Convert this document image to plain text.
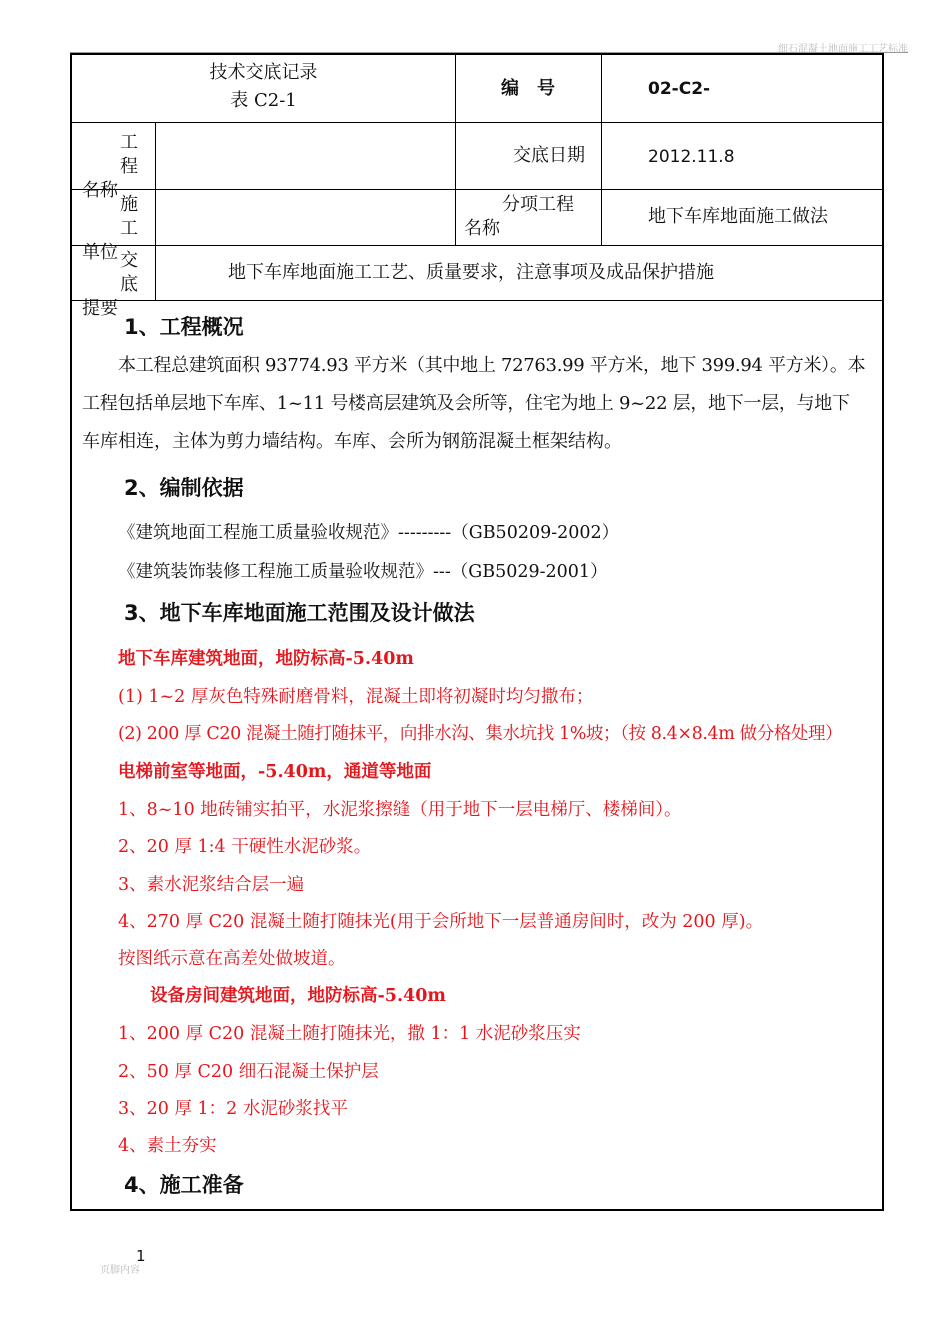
细石混凝土地面施工工艺标准
技术交底记录
表 C2-1
编　号	02-C2-
工程
名称
交底日期	2012.11.8
施工
单位
分项工程
名称
地下车库地面施工做法
交底
提要
地下车库地面施工工艺、质量要求，注意事项及成品保护措施
1、工程概况
本工程总建筑面积 93774.93 平方米（其中地上 72763.99 平方米，地下 399.94 平方米）。本
工程包括单层地下车库、1~11 号楼高层建筑及会所等，住宅为地上 9~22 层，地下一层，与地下
车库相连，主体为剪力墙结构。车库、会所为钢筋混凝土框架结构。
2、编制依据
《建筑地面工程施工质量验收规范》---------（GB50209-2002）
《建筑装饰装修工程施工质量验收规范》---（GB5029-2001）
3、地下车库地面施工范围及设计做法
地下车库建筑地面，地防标高-5.40m
(1) 1~2 厚灰色特殊耐磨骨料，混凝土即将初凝时均匀撒布；
(2) 200 厚 C20 混凝土随打随抹平，向排水沟、集水坑找 1%坡；（按 8.4×8.4m 做分格处理）
电梯前室等地面，-5.40m，通道等地面
1、8~10 地砖铺实拍平，水泥浆擦缝（用于地下一层电梯厅、楼梯间）。
2、20 厚 1:4 干硬性水泥砂浆。
3、素水泥浆结合层一遍
4、270 厚 C20 混凝土随打随抹光(用于会所地下一层普通房间时，改为 200 厚)。
按图纸示意在高差处做坡道。
设备房间建筑地面，地防标高-5.40m
1、200 厚 C20 混凝土随打随抹光，撒 1：1 水泥砂浆压实
2、50 厚 C20 细石混凝土保护层
3、20 厚 1：2 水泥砂浆找平
4、素土夯实
4、施工准备
1
页脚内容
